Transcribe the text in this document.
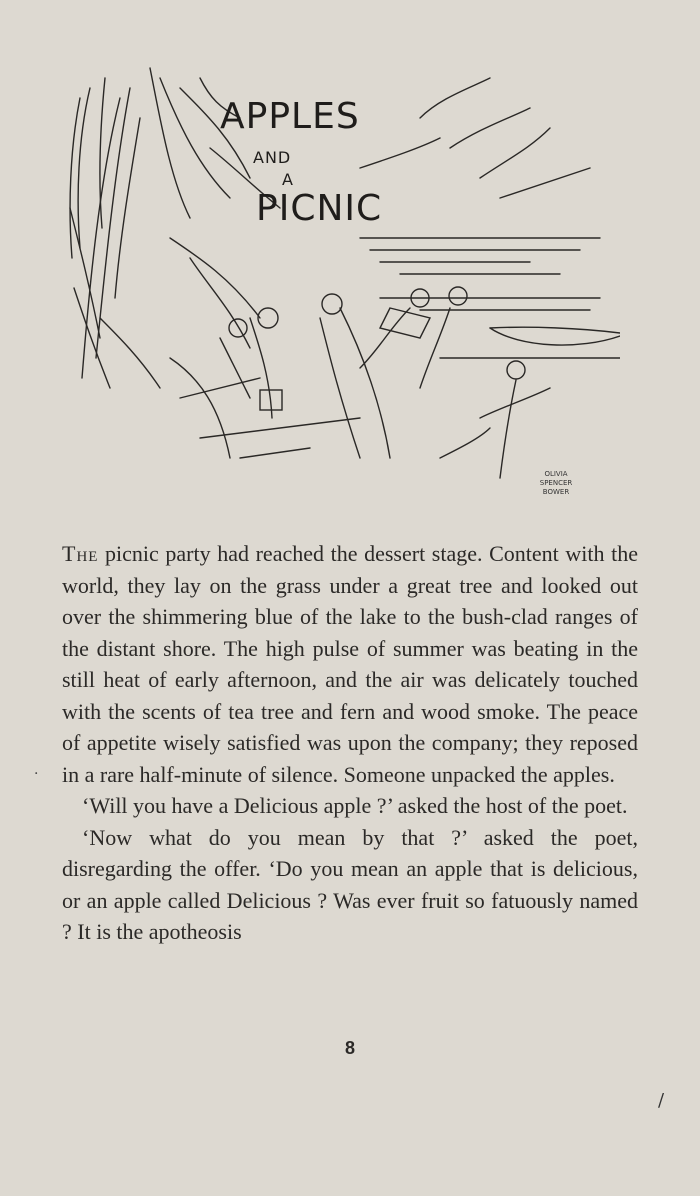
APPLES
AND
A
PICNIC
OLIVIA
SPENCER
BOWER
·

The picnic party had reached the dessert stage. Content with the world, they lay on the grass under a great tree and looked out over the shimmering blue of the lake to the bush-clad ranges of the distant shore. The high pulse of summer was beating in the still heat of early afternoon, and the air was delicately touched with the scents of tea tree and fern and wood smoke. The peace of appetite wisely satisfied was upon the company; they reposed in a rare half-minute of silence. Someone unpacked the apples.

‘Will you have a Delicious apple ?’ asked the host of the poet.

‘Now what do you mean by that ?’ asked the poet, disregarding the offer. ‘Do you mean an apple that is delicious, or an apple called Delicious ? Was ever fruit so fatuously named ? It is the apotheosis

8
/
